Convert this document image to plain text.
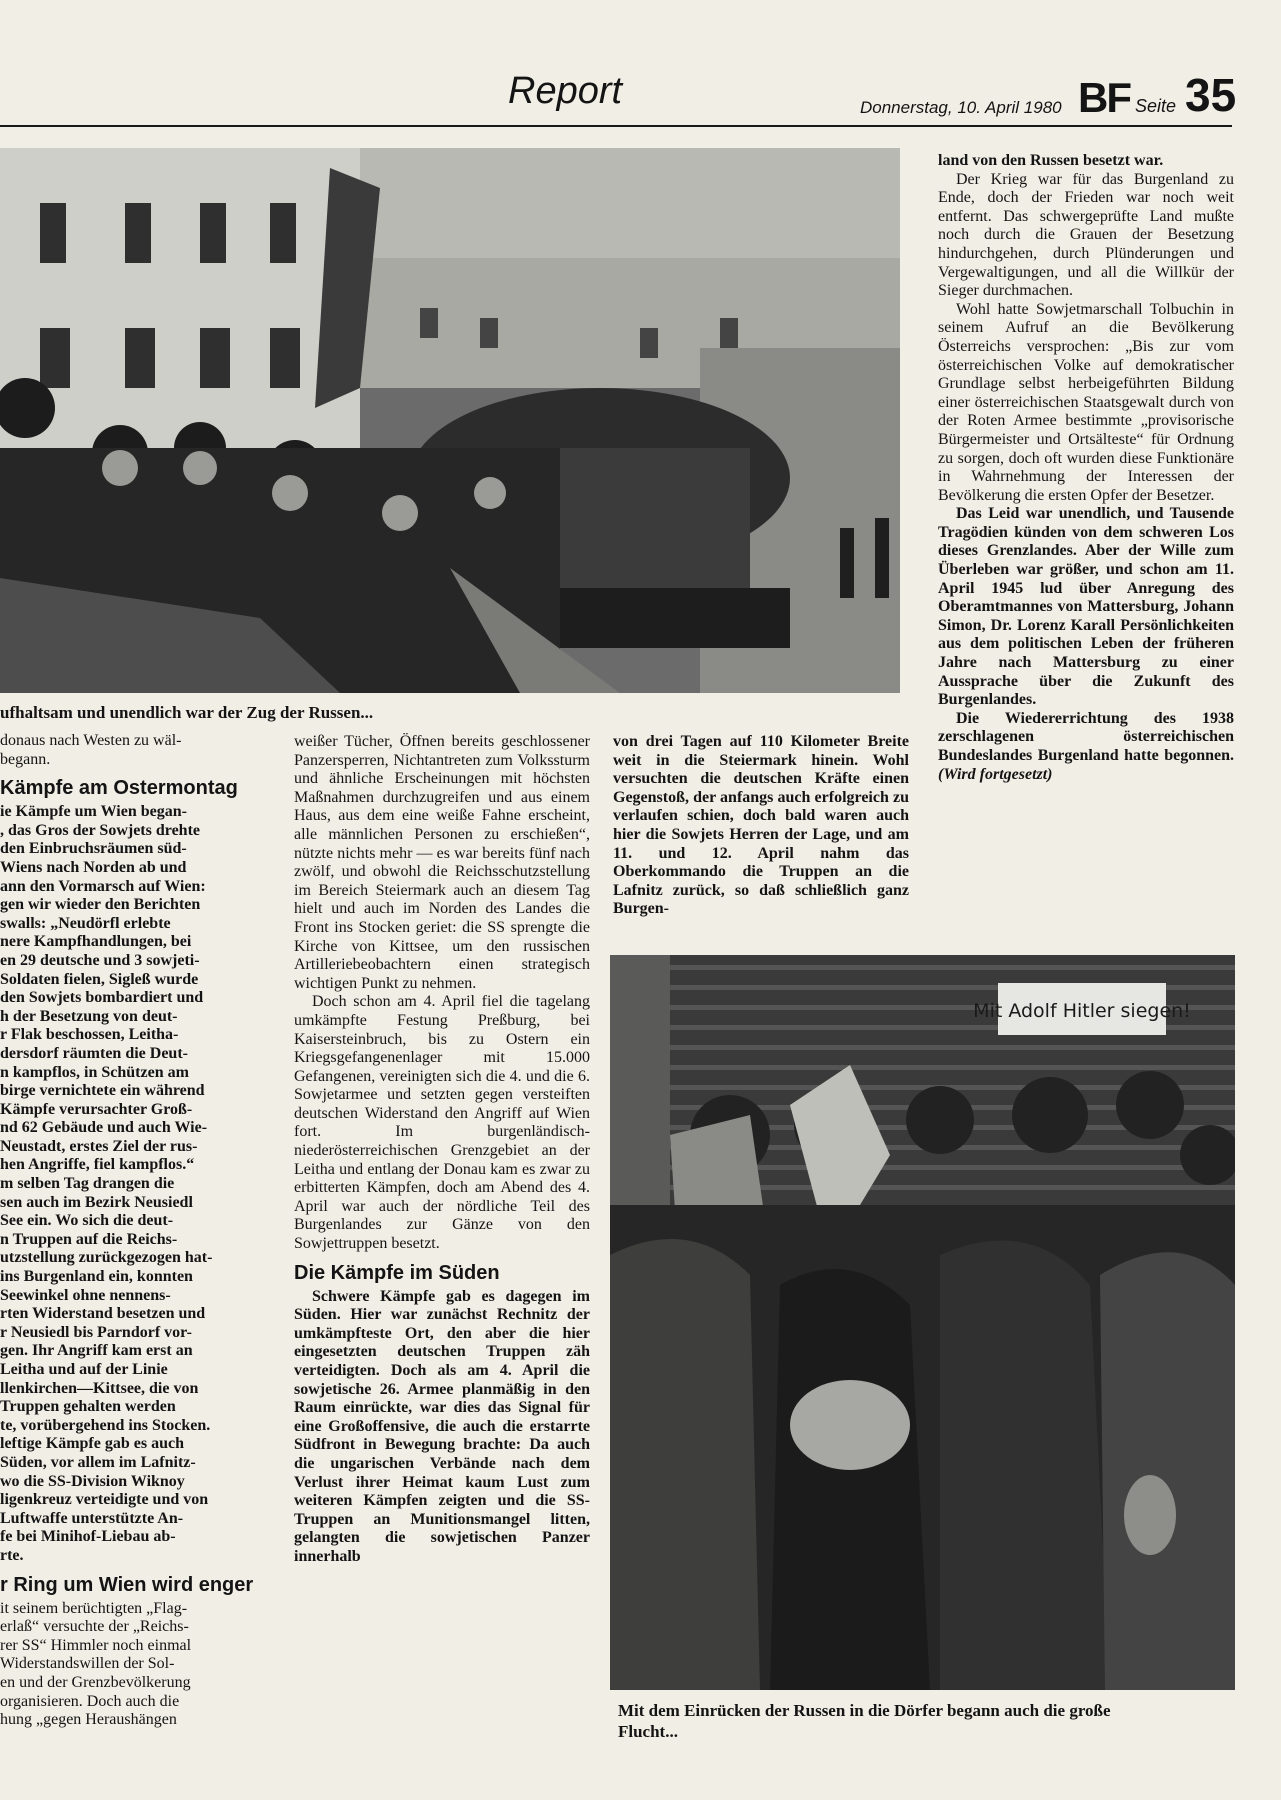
Report	Donnerstag, 10. April 1980 BF Seite 35
ufhaltsam und unendlich war der Zug der Russen...

land von den Russen besetzt war.

Der Krieg war für das Burgenland zu Ende, doch der Frieden war noch weit entfernt. Das schwergeprüfte Land mußte noch durch die Grauen der Besetzung hindurchgehen, durch Plünderungen und Vergewaltigungen, und all die Willkür der Sieger durchmachen.

Wohl hatte Sowjetmarschall Tolbuchin in seinem Aufruf an die Bevölkerung Österreichs versprochen: „Bis zur vom österreichischen Volke auf demokratischer Grundlage selbst herbeigeführten Bildung einer österreichischen Staatsgewalt durch von der Roten Armee bestimmte „provisorische Bürgermeister und Ortsälteste“ für Ordnung zu sorgen, doch oft wurden diese Funktionäre in Wahrnehmung der Interessen der Bevölkerung die ersten Opfer der Besetzer.

Das Leid war unendlich, und Tausende Tragödien künden von dem schweren Los dieses Grenzlandes. Aber der Wille zum Überleben war größer, und schon am 11. April 1945 lud über Anregung des Oberamtmannes von Mattersburg, Johann Simon, Dr. Lorenz Karall Persönlichkeiten aus dem politischen Leben der früheren Jahre nach Mattersburg zu einer Aussprache über die Zukunft des Burgenlandes.

Die Wiedererrichtung des 1938 zerschlagenen österreichischen Bundeslandes Burgenland hatte begonnen. (Wird fortgesetzt)

von drei Tagen auf 110 Kilometer Breite weit in die Steiermark hinein. Wohl versuchten die deutschen Kräfte einen Gegenstoß, der anfangs auch erfolgreich zu verlaufen schien, doch bald waren auch hier die Sowjets Herren der Lage, und am 11. und 12. April nahm das Oberkommando die Truppen an die Lafnitz zurück, so daß schließlich ganz Burgen-

weißer Tücher, Öffnen bereits geschlossener Panzersperren, Nichtantreten zum Volkssturm und ähnliche Erscheinungen mit höchsten Maßnahmen durchzugreifen und aus einem Haus, aus dem eine weiße Fahne erscheint, alle männlichen Personen zu erschießen“, nützte nichts mehr — es war bereits fünf nach zwölf, und obwohl die Reichsschutzstellung im Bereich Steiermark auch an diesem Tag hielt und auch im Norden des Landes die Front ins Stocken geriet: die SS sprengte die Kirche von Kittsee, um den russischen Artilleriebeobachtern einen strategisch wichtigen Punkt zu nehmen.

Doch schon am 4. April fiel die tagelang umkämpfte Festung Preßburg, bei Kaisersteinbruch, bis zu Ostern ein Kriegsgefangenenlager mit 15.000 Gefangenen, vereinigten sich die 4. und die 6. Sowjetarmee und setzten gegen versteiften deutschen Widerstand den Angriff auf Wien fort. Im burgenländisch-niederösterreichischen Grenzgebiet an der Leitha und entlang der Donau kam es zwar zu erbitterten Kämpfen, doch am Abend des 4. April war auch der nördliche Teil des Burgenlandes zur Gänze von den Sowjettruppen besetzt.

Die Kämpfe im Süden

Schwere Kämpfe gab es dagegen im Süden. Hier war zunächst Rechnitz der umkämpfteste Ort, den aber die hier eingesetzten deutschen Truppen zäh verteidigten. Doch als am 4. April die sowjetische 26. Armee planmäßig in den Raum einrückte, war dies das Signal für eine Großoffensive, die auch die erstarrte Südfront in Bewegung brachte: Da auch die ungarischen Verbände nach dem Verlust ihrer Heimat kaum Lust zum weiteren Kämpfen zeigten und die SS-Truppen an Munitionsmangel litten, gelangten die sowjetischen Panzer innerhalb

donaus nach Westen zu wäl-

begann.

Kämpfe am Ostermontag

ie Kämpfe um Wien began-

, das Gros der Sowjets drehte

den Einbruchsräumen süd-

Wiens nach Norden ab und

ann den Vormarsch auf Wien:

gen wir wieder den Berichten

swalls: „Neudörfl erlebte

nere Kampfhandlungen, bei

en 29 deutsche und 3 sowjeti-

Soldaten fielen, Sigleß wurde

den Sowjets bombardiert und

h der Besetzung von deut-

r Flak beschossen, Leitha-

dersdorf räumten die Deut-

n kampflos, in Schützen am

birge vernichtete ein während

Kämpfe verursachter Groß-

nd 62 Gebäude und auch Wie-

Neustadt, erstes Ziel der rus-

hen Angriffe, fiel kampflos.“

m selben Tag drangen die

sen auch im Bezirk Neusiedl

See ein. Wo sich die deut-

n Truppen auf die Reichs-

utzstellung zurückgezogen hat-

ins Burgenland ein, konnten

Seewinkel ohne nennens-

rten Widerstand besetzen und

r Neusiedl bis Parndorf vor-

gen. Ihr Angriff kam erst an

Leitha und auf der Linie

llenkirchen—Kittsee, die von

Truppen gehalten werden

te, vorübergehend ins Stocken.

leftige Kämpfe gab es auch

Süden, vor allem im Lafnitz-

wo die SS-Division Wiknoy

ligenkreuz verteidigte und von

Luftwaffe unterstützte An-

fe bei Minihof-Liebau ab-

rte.

r Ring um Wien wird enger

it seinem berüchtigten „Flag-

erlaß“ versuchte der „Reichs-

rer SS“ Himmler noch einmal

Widerstandswillen der Sol-

en und der Grenzbevölkerung

organisieren. Doch auch die

hung „gegen Heraushängen

Mit Adolf Hitler siegen!
Mit dem Einrücken der Russen in die Dörfer begann auch die große
Flucht...
